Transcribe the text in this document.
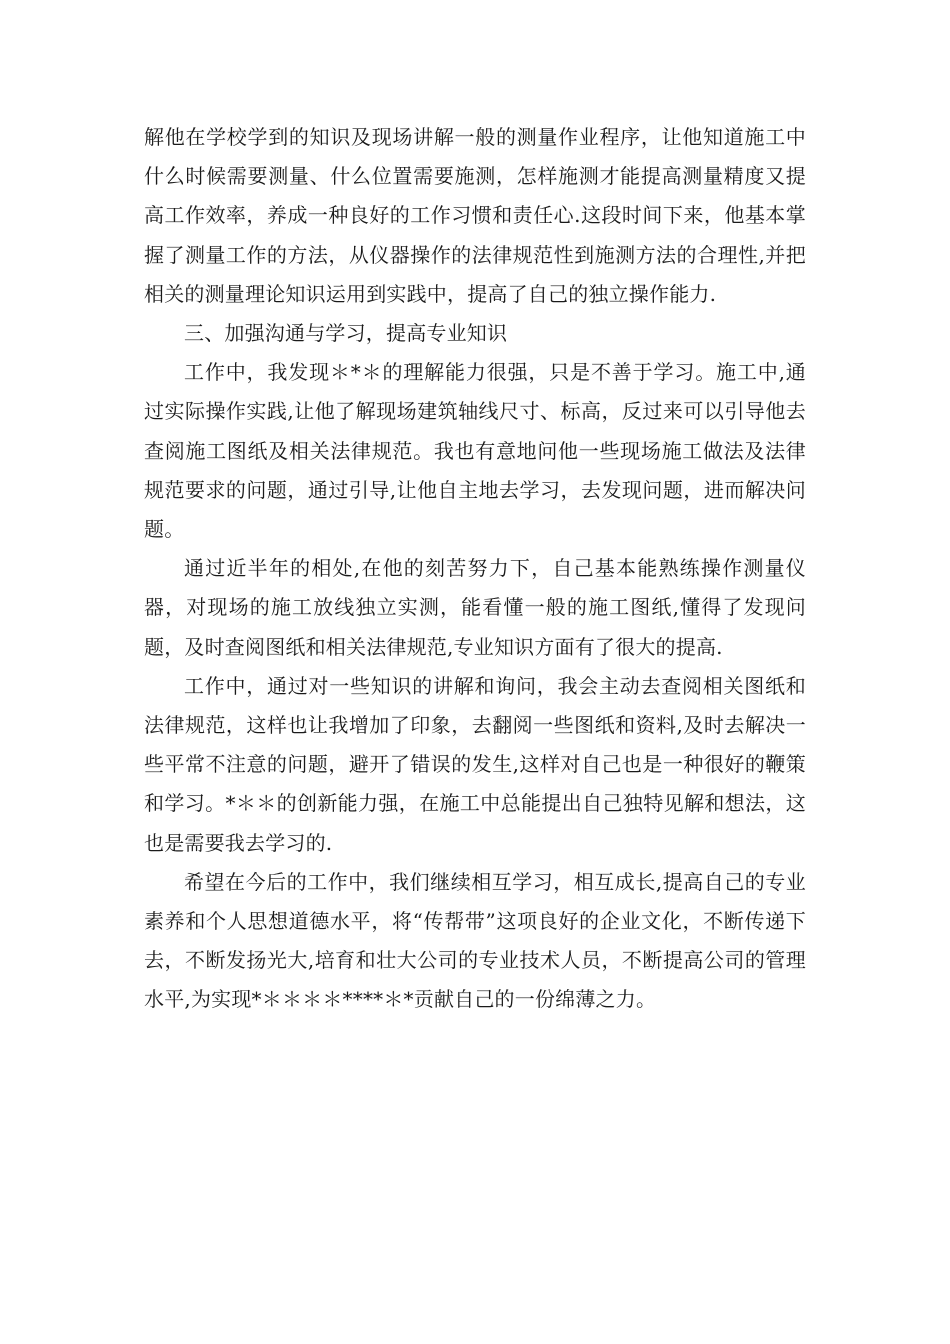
解他在学校学到的知识及现场讲解一般的测量作业程序，让他知道施工中什么时候需要测量、什么位置需要施测，怎样施测才能提高测量精度又提高工作效率，养成一种良好的工作习惯和责任心.这段时间下来，他基本掌握了测量工作的方法，从仪器操作的法律规范性到施测方法的合理性,并把相关的测量理论知识运用到实践中，提高了自己的独立操作能力.

三、加强沟通与学习，提高专业知识

工作中，我发现＊*＊的理解能力很强，只是不善于学习。施工中,通过实际操作实践,让他了解现场建筑轴线尺寸、标高，反过来可以引导他去查阅施工图纸及相关法律规范。我也有意地问他一些现场施工做法及法律规范要求的问题，通过引导,让他自主地去学习，去发现问题，进而解决问题。

通过近半年的相处,在他的刻苦努力下，自己基本能熟练操作测量仪器，对现场的施工放线独立实测，能看懂一般的施工图纸,懂得了发现问题，及时查阅图纸和相关法律规范,专业知识方面有了很大的提高.

工作中，通过对一些知识的讲解和询问，我会主动去查阅相关图纸和法律规范，这样也让我增加了印象，去翻阅一些图纸和资料,及时去解决一些平常不注意的问题，避开了错误的发生,这样对自己也是一种很好的鞭策和学习。*＊＊的创新能力强，在施工中总能提出自己独特见解和想法，这也是需要我去学习的.

希望在今后的工作中，我们继续相互学习，相互成长,提高自己的专业素养和个人思想道德水平，将“传帮带”这项良好的企业文化，不断传递下去，不断发扬光大,培育和壮大公司的专业技术人员，不断提高公司的管理水平,为实现*＊＊＊＊****＊*贡献自己的一份绵薄之力。
